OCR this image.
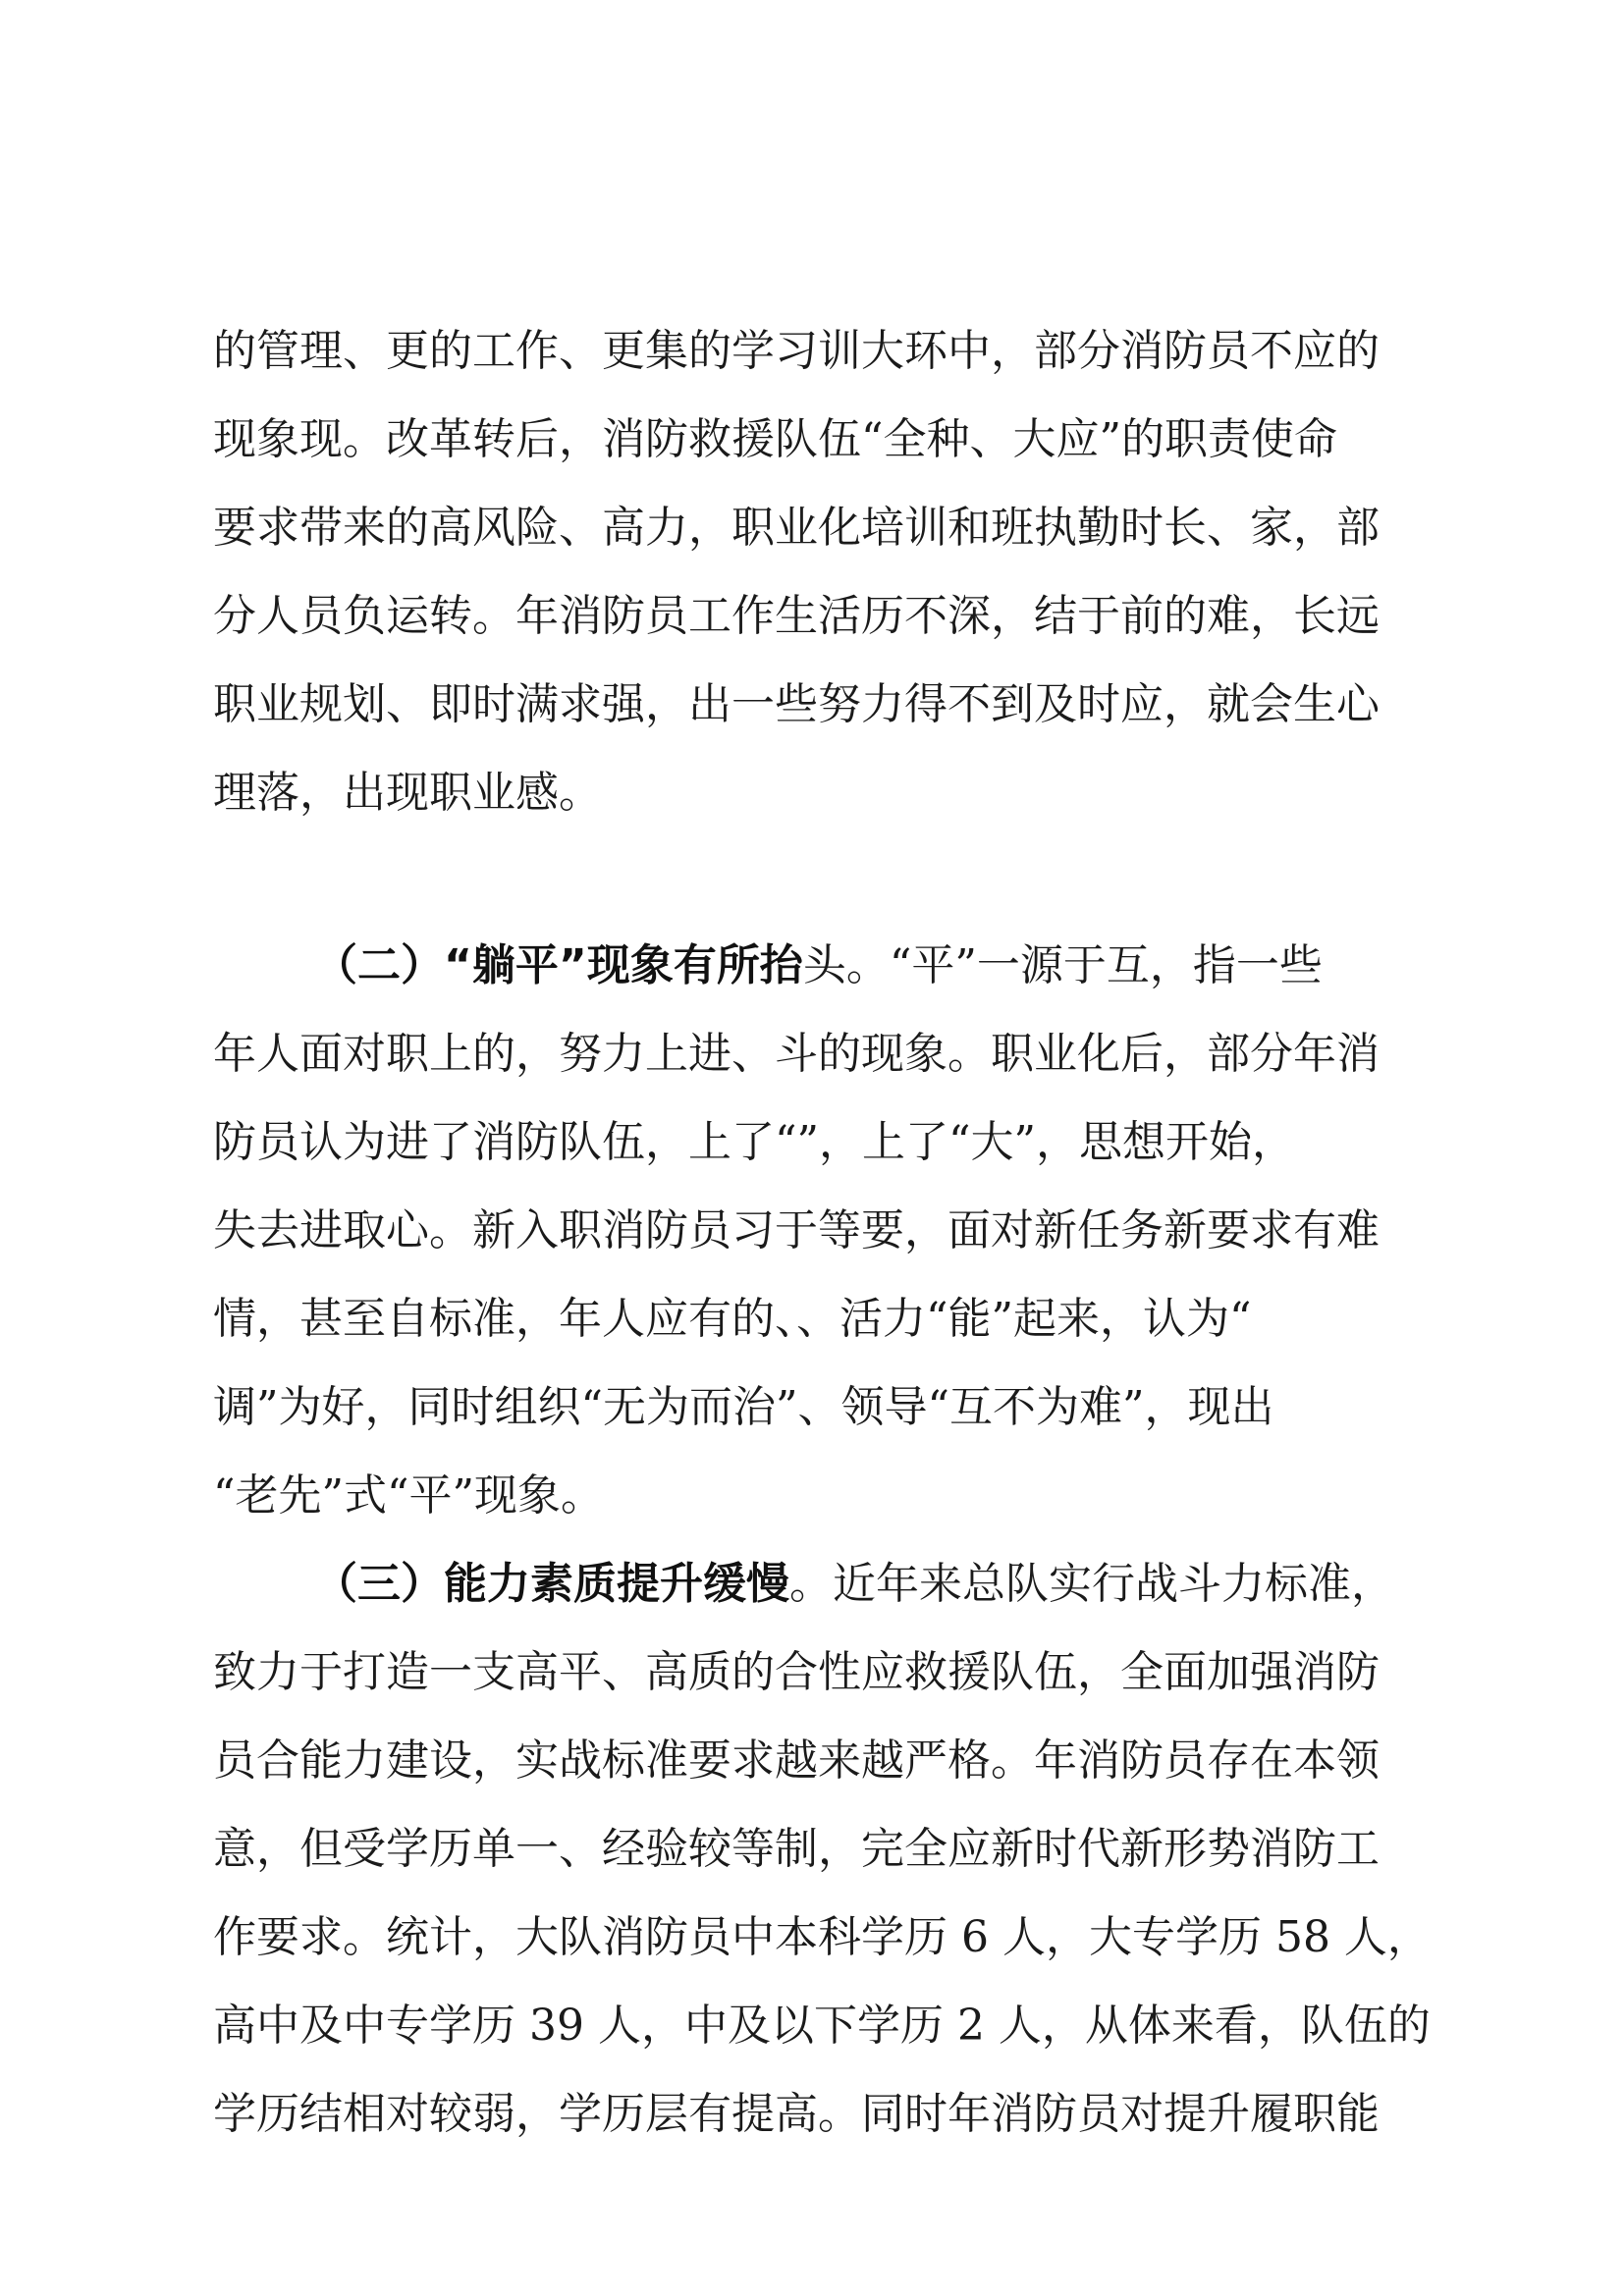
的管理、更的工作、更集的学习训大环中，部分消防员不应的

现象现。改革转后，消防救援队伍“全种、大应”的职责使命

要求带来的高风险、高力，职业化培训和班执勤时长、家，部

分人员负运转。年消防员工作生活历不深，结于前的难，长远

职业规划、即时满求强，出一些努力得不到及时应，就会生心

理落，出现职业感。

（二）“躺平”现象有所抬头。“平”一源于互，指一些

年人面对职上的，努力上进、斗的现象。职业化后，部分年消

防员认为进了消防队伍，上了“”，上了“大”，思想开始，

失去进取心。新入职消防员习于等要，面对新任务新要求有难

情，甚至自标准，年人应有的、、活力“能”起来，认为“

调”为好，同时组织“无为而治”、领导“互不为难”，现出

“老先”式“平”现象。

（三）能力素质提升缓慢。近年来总队实行战斗力标准，

致力于打造一支高平、高质的合性应救援队伍，全面加强消防

员合能力建设，实战标准要求越来越严格。年消防员存在本领

意，但受学历单一、经验较等制，完全应新时代新形势消防工

作要求。统计，大队消防员中本科学历 6 人，大专学历 58 人，

高中及中专学历 39 人，中及以下学历 2 人，从体来看，队伍的

学历结相对较弱，学历层有提高。同时年消防员对提升履职能
